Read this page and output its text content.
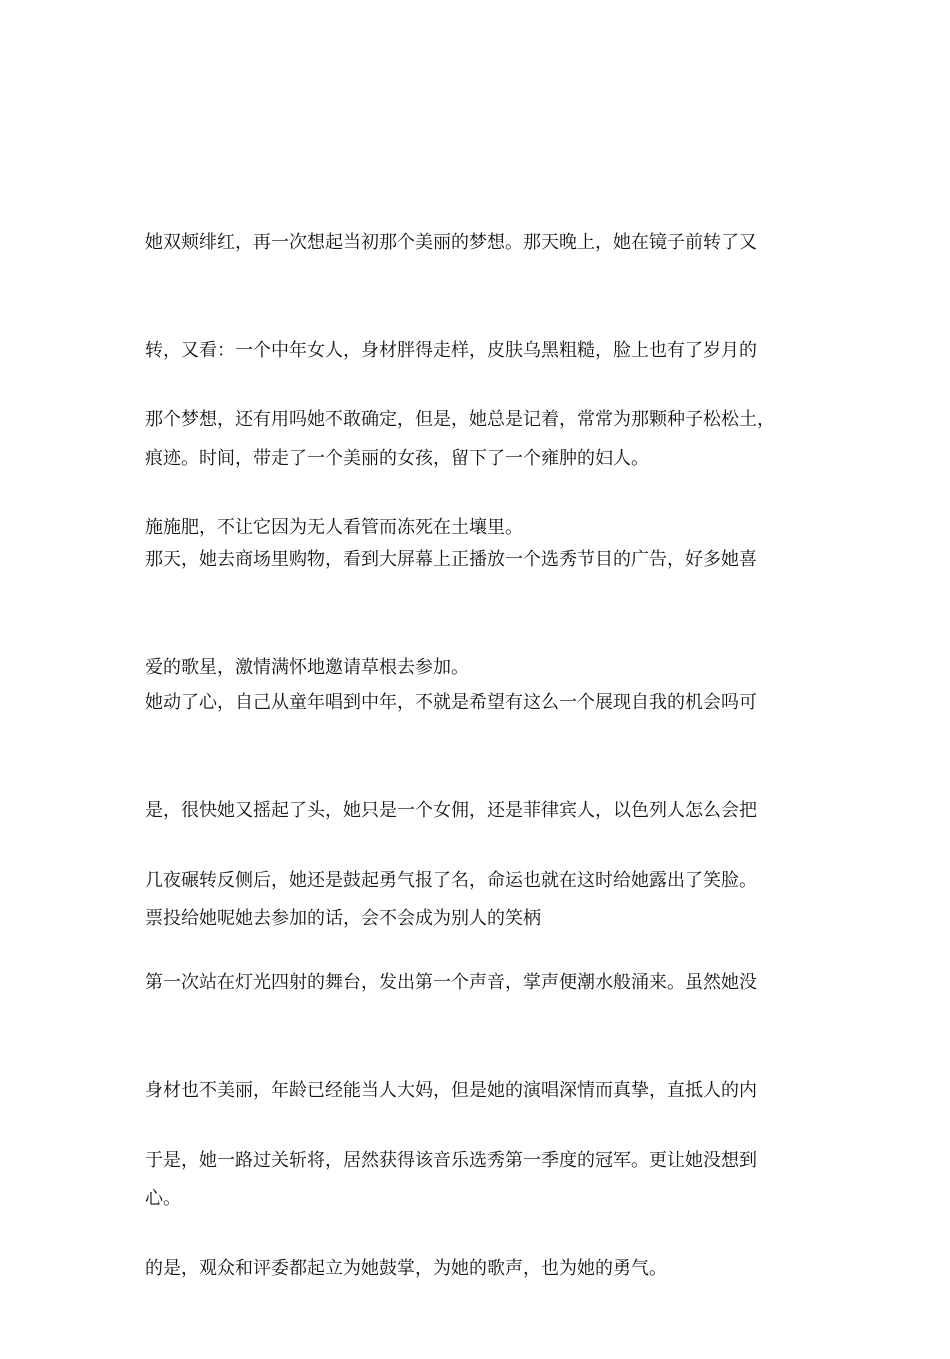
她双颊绯红，再一次想起当初那个美丽的梦想。那天晚上，她在镜子前转了又

转，又看：一个中年女人，身材胖得走样，皮肤乌黑粗糙，脸上也有了岁月的

痕迹。时间，带走了一个美丽的女孩，留下了一个雍肿的妇人。

那个梦想，还有用吗她不敢确定，但是，她总是记着，常常为那颗种子松松土，

施施肥，不让它因为无人看管而冻死在土壤里。

那天，她去商场里购物，看到大屏幕上正播放一个选秀节目的广告，好多她喜

爱的歌星，激情满怀地邀请草根去参加。

她动了心，自己从童年唱到中年，不就是希望有这么一个展现自我的机会吗可

是，很快她又摇起了头，她只是一个女佣，还是菲律宾人，以色列人怎么会把

票投给她呢她去参加的话，会不会成为别人的笑柄

几夜碾转反侧后，她还是鼓起勇气报了名，命运也就在这时给她露出了笑脸。

第一次站在灯光四射的舞台，发出第一个声音，掌声便潮水般涌来。虽然她没

身材也不美丽，年龄已经能当人大妈，但是她的演唱深情而真挚，直抵人的内

心。

于是，她一路过关斩将，居然获得该音乐选秀第一季度的冠军。更让她没想到

的是，观众和评委都起立为她鼓掌，为她的歌声，也为她的勇气。
